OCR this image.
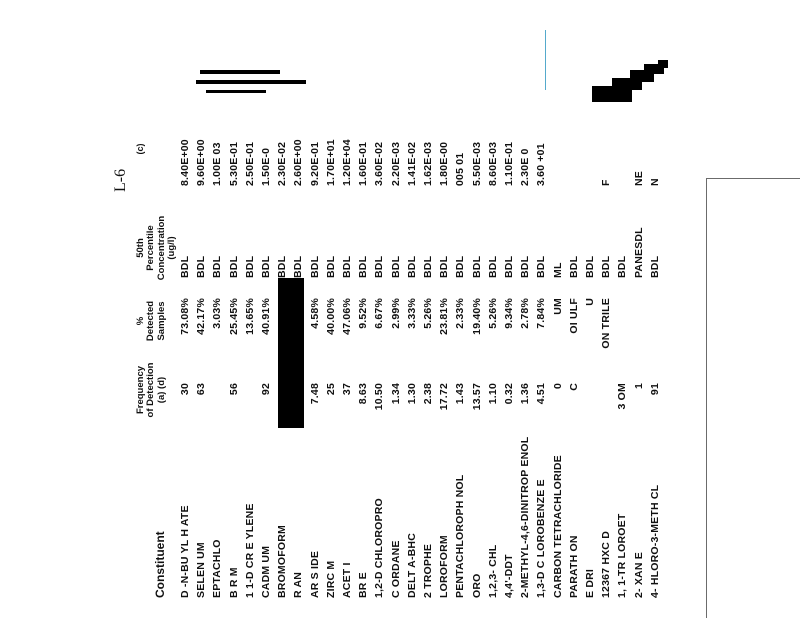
Constituent
Frequency
of Detection
(a) (d)
%
Detected
Samples
50th
Percentile
Concentration
(ug/l)
(c)
D -N-BU YL H ATE
30
73.08%
BDL
8.40E+00
SELEN UM
63
42.17%
BDL
9.60E+00
EPTACHLO
3.03%
BDL
1.00E 03
B R M
56
25.45%
BDL
5.30E-01
1 1-D CR E YLENE
13.65%
BDL
2.50E-01
CADM UM
92
40.91%
BDL
1.50E-0
BROMOFORM
BDL
2.30E-02
R AN
BDL
2.60E+00
AR S IDE
7.48
4.58%
BDL
9.20E-01
ZIRC M
25
40.00%
BDL
1.70E+01
ACET I
37
47.06%
BDL
1.20E+04
BR E
8.63
9.52%
BDL
1.60E-01
1,2-D CHLOROPRO
10.50
6.67%
BDL
3.60E-02
C ORDANE
1.34
2.99%
BDL
2.20E-03
DELT A-BHC
1.30
3.33%
BDL
1.41E-02
2 TROPHE
2.38
5.26%
BDL
1.62E-03
LOROFORM
17.72
23.81%
BDL
1.80E-00
PENTACHLOROPH NOL
1.43
2.33%
BDL
005 01
ORO
13.57
19.40%
BDL
5.50E-03
1,2,3- CHL
1.10
5.26%
BDL
8.60E-03
4,4'-DDT
0.32
9.34%
BDL
1.10E-01
2-METHYL-4,6-DINITROP ENOL
1.36
2.78%
BDL
2.30E 0
1,3-D C LOROBENZE E
4.51
7.84%
BDL
3.60 +01
CARBON TETRACHLORIDE
0
UM
ML
PARATH ON
C
OI ULF
BDL
E DRI
U
BDL
12367 HXC D
ON TRILE
BDL
F
1, 1-TR LOROET
3 OM
BDL
2- XAN E
1
PANESDL
NE
4- HLORO-3-METH CL
91
BDL
N
L-6
